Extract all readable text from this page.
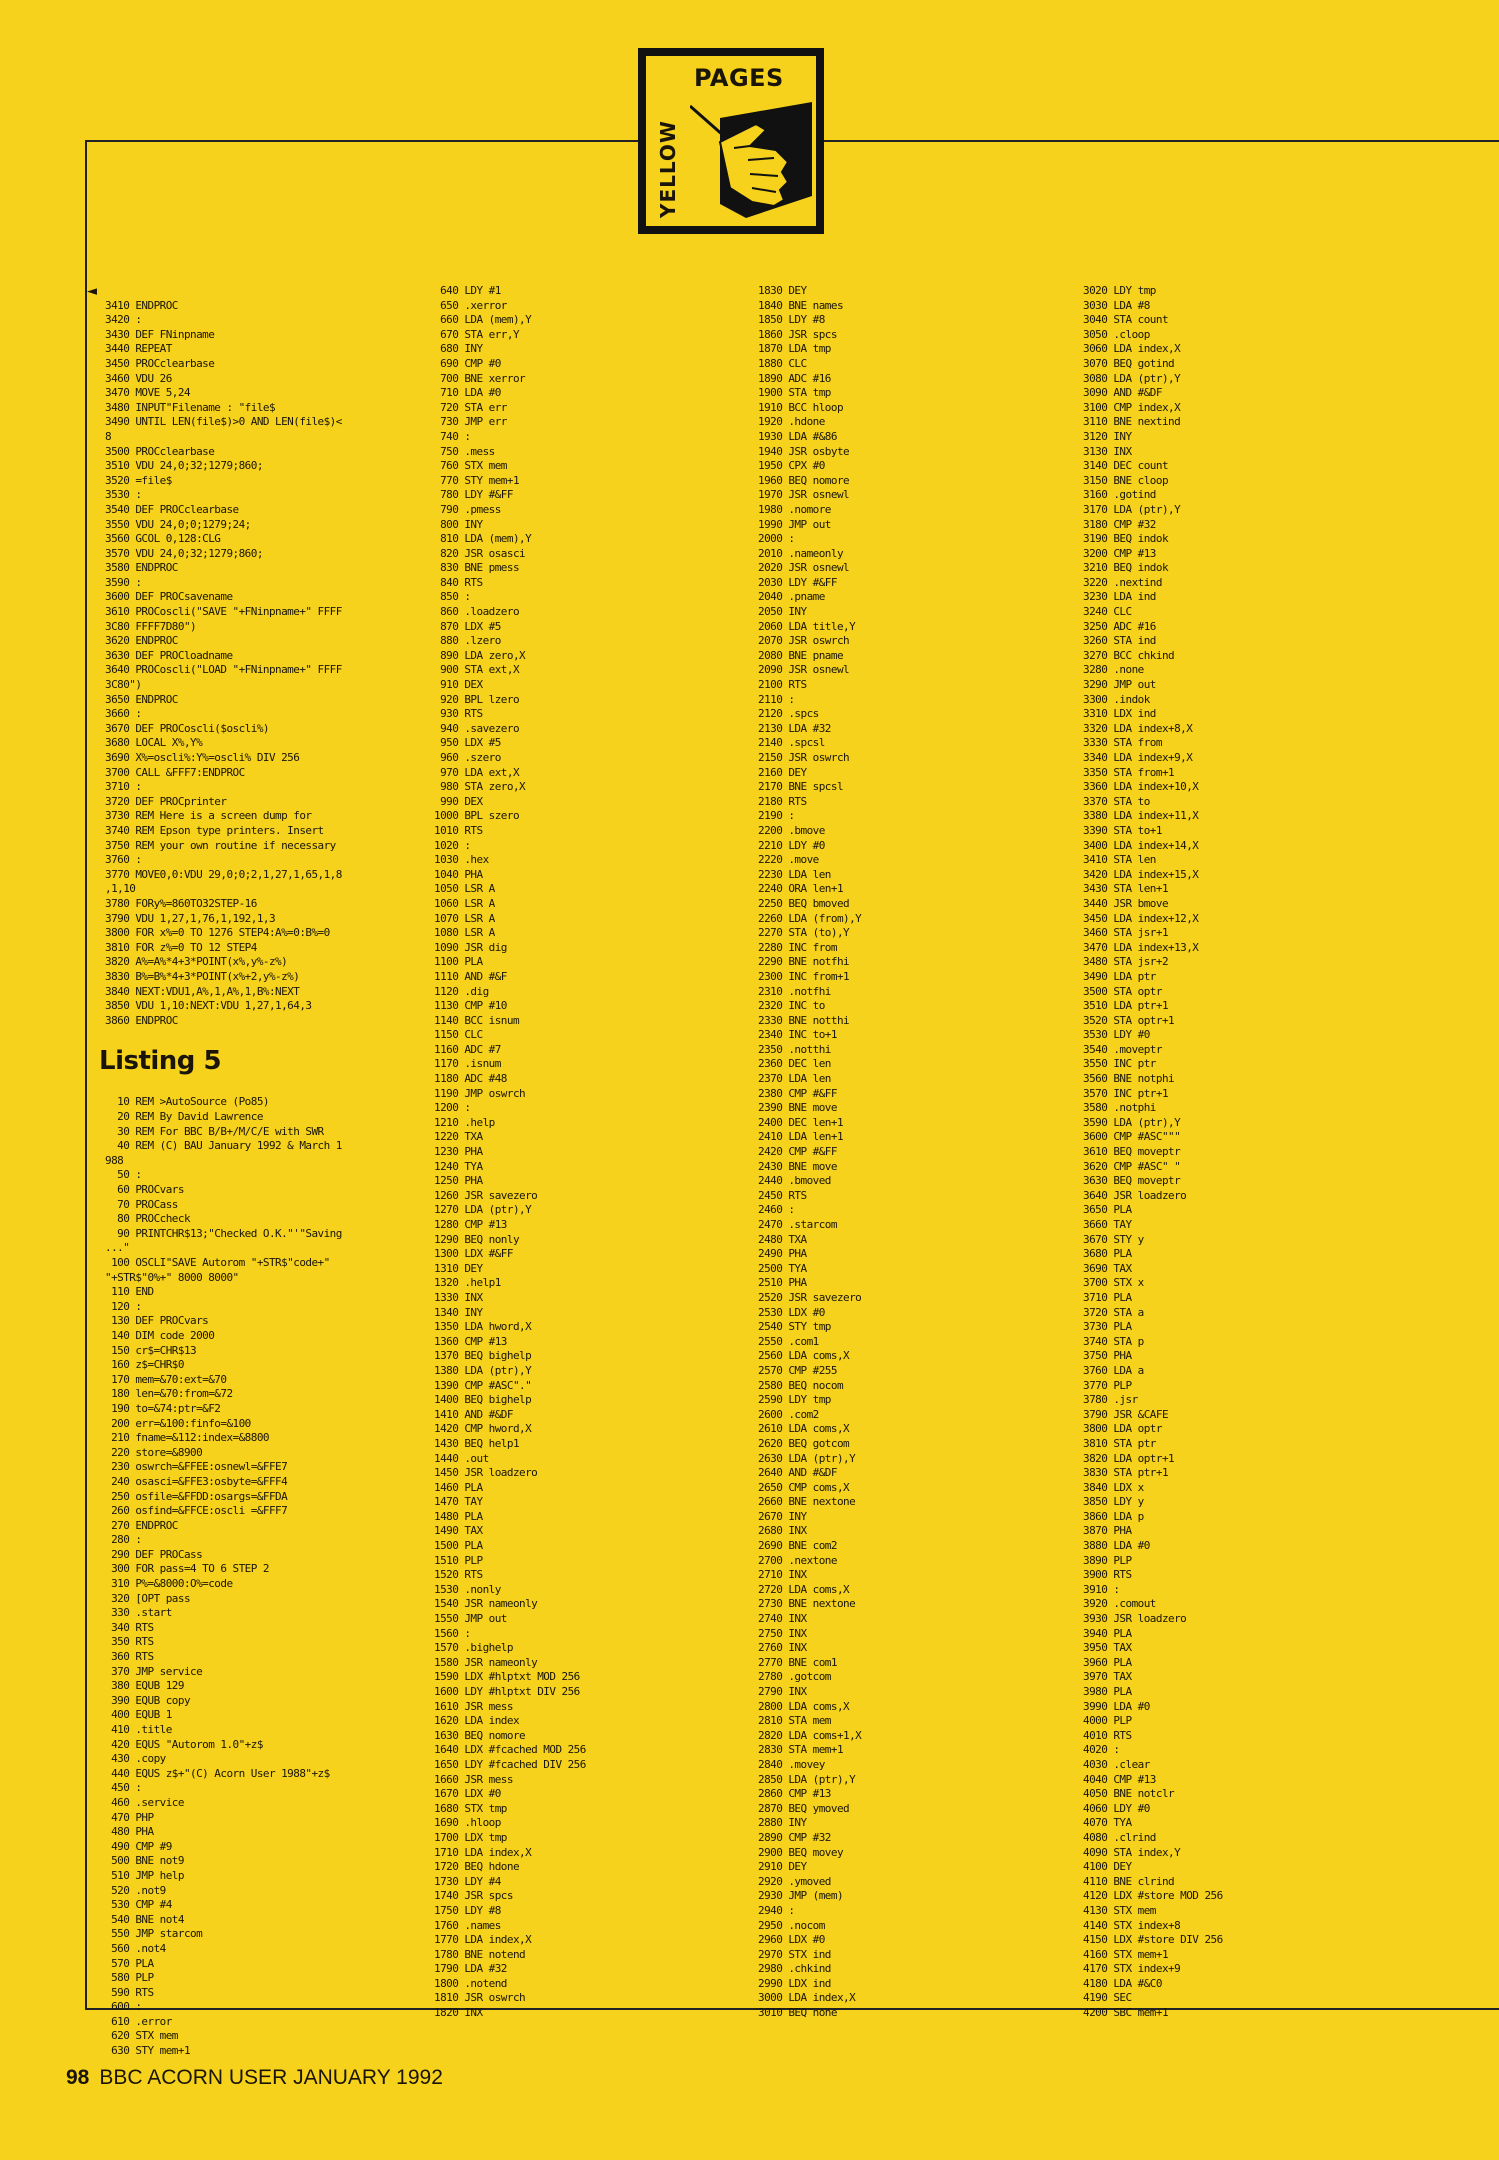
PAGES
YELLOW
◄

3410 ENDPROC
3420 :
3430 DEF FNinpname
3440 REPEAT
3450 PROCclearbase
3460 VDU 26
3470 MOVE 5,24
3480 INPUT"Filename : "file$
3490 UNTIL LEN(file$)>0 AND LEN(file$)<
8
3500 PROCclearbase
3510 VDU 24,0;32;1279;860;
3520 =file$
3530 :
3540 DEF PROCclearbase
3550 VDU 24,0;0;1279;24;
3560 GCOL 0,128:CLG
3570 VDU 24,0;32;1279;860;
3580 ENDPROC
3590 :
3600 DEF PROCsavename
3610 PROCoscli("SAVE "+FNinpname+" FFFF
3C80 FFFF7D80")
3620 ENDPROC
3630 DEF PROCloadname
3640 PROCoscli("LOAD "+FNinpname+" FFFF
3C80")
3650 ENDPROC
3660 :
3670 DEF PROCoscli($oscli%)
3680 LOCAL X%,Y%
3690 X%=oscli%:Y%=oscli% DIV 256
3700 CALL &FFF7:ENDPROC
3710 :
3720 DEF PROCprinter
3730 REM Here is a screen dump for
3740 REM Epson type printers. Insert
3750 REM your own routine if necessary
3760 :
3770 MOVE0,0:VDU 29,0;0;2,1,27,1,65,1,8
,1,10
3780 FORy%=860TO32STEP-16
3790 VDU 1,27,1,76,1,192,1,3
3800 FOR x%=0 TO 1276 STEP4:A%=0:B%=0
3810 FOR z%=0 TO 12 STEP4
3820 A%=A%*4+3*POINT(x%,y%-z%)
3830 B%=B%*4+3*POINT(x%+2,y%-z%)
3840 NEXT:VDU1,A%,1,A%,1,B%:NEXT
3850 VDU 1,10:NEXT:VDU 1,27,1,64,3
3860 ENDPROC

Listing 5

10 REM >AutoSource (Po85)
20 REM By David Lawrence
30 REM For BBC B/B+/M/C/E with SWR
40 REM (C) BAU January 1992 & March 1
988
50 :
60 PROCvars
70 PROCass
80 PROCcheck
90 PRINTCHR$13;"Checked O.K."'"Saving
..."
100 OSCLI"SAVE Autorom "+STR$"code+"
"+STR$"0%+" 8000 8000"
110 END
120 :
130 DEF PROCvars
140 DIM code 2000
150 cr$=CHR$13
160 z$=CHR$0
170 mem=&70:ext=&70
180 len=&70:from=&72
190 to=&74:ptr=&F2
200 err=&100:finfo=&100
210 fname=&112:index=&8800
220 store=&8900
230 oswrch=&FFEE:osnewl=&FFE7
240 osasci=&FFE3:osbyte=&FFF4
250 osfile=&FFDD:osargs=&FFDA
260 osfind=&FFCE:oscli =&FFF7
270 ENDPROC
280 :
290 DEF PROCass
300 FOR pass=4 TO 6 STEP 2
310 P%=&8000:O%=code
320 [OPT pass
330 .start
340 RTS
350 RTS
360 RTS
370 JMP service
380 EQUB 129
390 EQUB copy
400 EQUB 1
410 .title
420 EQUS "Autorom 1.0"+z$
430 .copy
440 EQUS z$+"(C) Acorn User 1988"+z$
450 :
460 .service
470 PHP
480 PHA
490 CMP #9
500 BNE not9
510 JMP help
520 .not9
530 CMP #4
540 BNE not4
550 JMP starcom
560 .not4
570 PLA
580 PLP
590 RTS
600 :
610 .error
620 STX mem
630 STY mem+1

640 LDY #1
650 .xerror
660 LDA (mem),Y
670 STA err,Y
680 INY
690 CMP #0
700 BNE xerror
710 LDA #0
720 STA err
730 JMP err
740 :
750 .mess
760 STX mem
770 STY mem+1
780 LDY #&FF
790 .pmess
800 INY
810 LDA (mem),Y
820 JSR osasci
830 BNE pmess
840 RTS
850 :
860 .loadzero
870 LDX #5
880 .lzero
890 LDA zero,X
900 STA ext,X
910 DEX
920 BPL lzero
930 RTS
940 .savezero
950 LDX #5
960 .szero
970 LDA ext,X
980 STA zero,X
990 DEX
1000 BPL szero
1010 RTS
1020 :
1030 .hex
1040 PHA
1050 LSR A
1060 LSR A
1070 LSR A
1080 LSR A
1090 JSR dig
1100 PLA
1110 AND #&F
1120 .dig
1130 CMP #10
1140 BCC isnum
1150 CLC
1160 ADC #7
1170 .isnum
1180 ADC #48
1190 JMP oswrch
1200 :
1210 .help
1220 TXA
1230 PHA
1240 TYA
1250 PHA
1260 JSR savezero
1270 LDA (ptr),Y
1280 CMP #13
1290 BEQ nonly
1300 LDX #&FF
1310 DEY
1320 .help1
1330 INX
1340 INY
1350 LDA hword,X
1360 CMP #13
1370 BEQ bighelp
1380 LDA (ptr),Y
1390 CMP #ASC"."
1400 BEQ bighelp
1410 AND #&DF
1420 CMP hword,X
1430 BEQ help1
1440 .out
1450 JSR loadzero
1460 PLA
1470 TAY
1480 PLA
1490 TAX
1500 PLA
1510 PLP
1520 RTS
1530 .nonly
1540 JSR nameonly
1550 JMP out
1560 :
1570 .bighelp
1580 JSR nameonly
1590 LDX #hlptxt MOD 256
1600 LDY #hlptxt DIV 256
1610 JSR mess
1620 LDA index
1630 BEQ nomore
1640 LDX #fcached MOD 256
1650 LDY #fcached DIV 256
1660 JSR mess
1670 LDX #0
1680 STX tmp
1690 .hloop
1700 LDX tmp
1710 LDA index,X
1720 BEQ hdone
1730 LDY #4
1740 JSR spcs
1750 LDY #8
1760 .names
1770 LDA index,X
1780 BNE notend
1790 LDA #32
1800 .notend
1810 JSR oswrch
1820 INX
1830 DEY
1840 BNE names
1850 LDY #8
1860 JSR spcs
1870 LDA tmp
1880 CLC
1890 ADC #16
1900 STA tmp
1910 BCC hloop
1920 .hdone
1930 LDA #&86
1940 JSR osbyte
1950 CPX #0
1960 BEQ nomore
1970 JSR osnewl
1980 .nomore
1990 JMP out
2000 :
2010 .nameonly
2020 JSR osnewl
2030 LDY #&FF
2040 .pname
2050 INY
2060 LDA title,Y
2070 JSR oswrch
2080 BNE pname
2090 JSR osnewl
2100 RTS
2110 :
2120 .spcs
2130 LDA #32
2140 .spcsl
2150 JSR oswrch
2160 DEY
2170 BNE spcsl
2180 RTS
2190 :
2200 .bmove
2210 LDY #0
2220 .move
2230 LDA len
2240 ORA len+1
2250 BEQ bmoved
2260 LDA (from),Y
2270 STA (to),Y
2280 INC from
2290 BNE notfhi
2300 INC from+1
2310 .notfhi
2320 INC to
2330 BNE notthi
2340 INC to+1
2350 .notthi
2360 DEC len
2370 LDA len
2380 CMP #&FF
2390 BNE move
2400 DEC len+1
2410 LDA len+1
2420 CMP #&FF
2430 BNE move
2440 .bmoved
2450 RTS
2460 :
2470 .starcom
2480 TXA
2490 PHA
2500 TYA
2510 PHA
2520 JSR savezero
2530 LDX #0
2540 STY tmp
2550 .com1
2560 LDA coms,X
2570 CMP #255
2580 BEQ nocom
2590 LDY tmp
2600 .com2
2610 LDA coms,X
2620 BEQ gotcom
2630 LDA (ptr),Y
2640 AND #&DF
2650 CMP coms,X
2660 BNE nextone
2670 INY
2680 INX
2690 BNE com2
2700 .nextone
2710 INX
2720 LDA coms,X
2730 BNE nextone
2740 INX
2750 INX
2760 INX
2770 BNE com1
2780 .gotcom
2790 INX
2800 LDA coms,X
2810 STA mem
2820 LDA coms+1,X
2830 STA mem+1
2840 .movey
2850 LDA (ptr),Y
2860 CMP #13
2870 BEQ ymoved
2880 INY
2890 CMP #32
2900 BEQ movey
2910 DEY
2920 .ymoved
2930 JMP (mem)
2940 :
2950 .nocom
2960 LDX #0
2970 STX ind
2980 .chkind
2990 LDX ind
3000 LDA index,X
3010 BEQ none
3020 LDY tmp
3030 LDA #8
3040 STA count
3050 .cloop
3060 LDA index,X
3070 BEQ gotind
3080 LDA (ptr),Y
3090 AND #&DF
3100 CMP index,X
3110 BNE nextind
3120 INY
3130 INX
3140 DEC count
3150 BNE cloop
3160 .gotind
3170 LDA (ptr),Y
3180 CMP #32
3190 BEQ indok
3200 CMP #13
3210 BEQ indok
3220 .nextind
3230 LDA ind
3240 CLC
3250 ADC #16
3260 STA ind
3270 BCC chkind
3280 .none
3290 JMP out
3300 .indok
3310 LDX ind
3320 LDA index+8,X
3330 STA from
3340 LDA index+9,X
3350 STA from+1
3360 LDA index+10,X
3370 STA to
3380 LDA index+11,X
3390 STA to+1
3400 LDA index+14,X
3410 STA len
3420 LDA index+15,X
3430 STA len+1
3440 JSR bmove
3450 LDA index+12,X
3460 STA jsr+1
3470 LDA index+13,X
3480 STA jsr+2
3490 LDA ptr
3500 STA optr
3510 LDA ptr+1
3520 STA optr+1
3530 LDY #0
3540 .moveptr
3550 INC ptr
3560 BNE notphi
3570 INC ptr+1
3580 .notphi
3590 LDA (ptr),Y
3600 CMP #ASC"""
3610 BEQ moveptr
3620 CMP #ASC" "
3630 BEQ moveptr
3640 JSR loadzero
3650 PLA
3660 TAY
3670 STY y
3680 PLA
3690 TAX
3700 STX x
3710 PLA
3720 STA a
3730 PLA
3740 STA p
3750 PHA
3760 LDA a
3770 PLP
3780 .jsr
3790 JSR &CAFE
3800 LDA optr
3810 STA ptr
3820 LDA optr+1
3830 STA ptr+1
3840 LDX x
3850 LDY y
3860 LDA p
3870 PHA
3880 LDA #0
3890 PLP
3900 RTS
3910 :
3920 .comout
3930 JSR loadzero
3940 PLA
3950 TAX
3960 PLA
3970 TAX
3980 PLA
3990 LDA #0
4000 PLP
4010 RTS
4020 :
4030 .clear
4040 CMP #13
4050 BNE notclr
4060 LDY #0
4070 TYA
4080 .clrind
4090 STA index,Y
4100 DEY
4110 BNE clrind
4120 LDX #store MOD 256
4130 STX mem
4140 STX index+8
4150 LDX #store DIV 256
4160 STX mem+1
4170 STX index+9
4180 LDA #&C0
4190 SEC
4200 SBC mem+1
98 BBC ACORN USER JANUARY 1992
